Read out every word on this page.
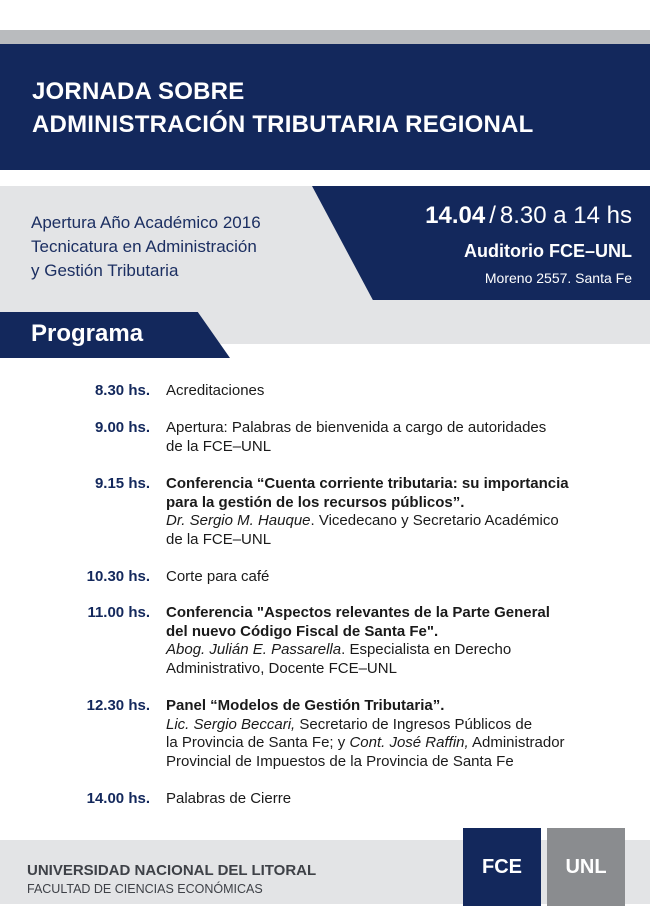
JORNADA SOBRE
ADMINISTRACIÓN TRIBUTARIA REGIONAL
Apertura Año Académico 2016
Tecnicatura en Administración
y Gestión Tributaria
14.04 / 8.30 a 14 hs
Auditorio FCE–UNL
Moreno 2557. Santa Fe
Programa
8.30 hs. Acreditaciones
9.00 hs. Apertura: Palabras de bienvenida a cargo de autoridades
de la FCE–UNL
9.15 hs. Conferencia “Cuenta corriente tributaria: su importancia
para la gestión de los recursos públicos”.
Dr. Sergio M. Hauque. Vicedecano y Secretario Académico
de la FCE–UNL
10.30 hs. Corte para café
11.00 hs. Conferencia "Aspectos relevantes de la Parte General
del nuevo Código Fiscal de Santa Fe".
Abog. Julián E. Passarella. Especialista en Derecho
Administrativo, Docente FCE–UNL
12.30 hs. Panel “Modelos de Gestión Tributaria”.
Lic. Sergio Beccari, Secretario de Ingresos Públicos de
la Provincia de Santa Fe; y Cont. José Raffin, Administrador
Provincial de Impuestos de la Provincia de Santa Fe
14.00 hs. Palabras de Cierre
UNIVERSIDAD NACIONAL DEL LITORAL
FACULTAD DE CIENCIAS ECONÓMICAS
FCE	UNL
